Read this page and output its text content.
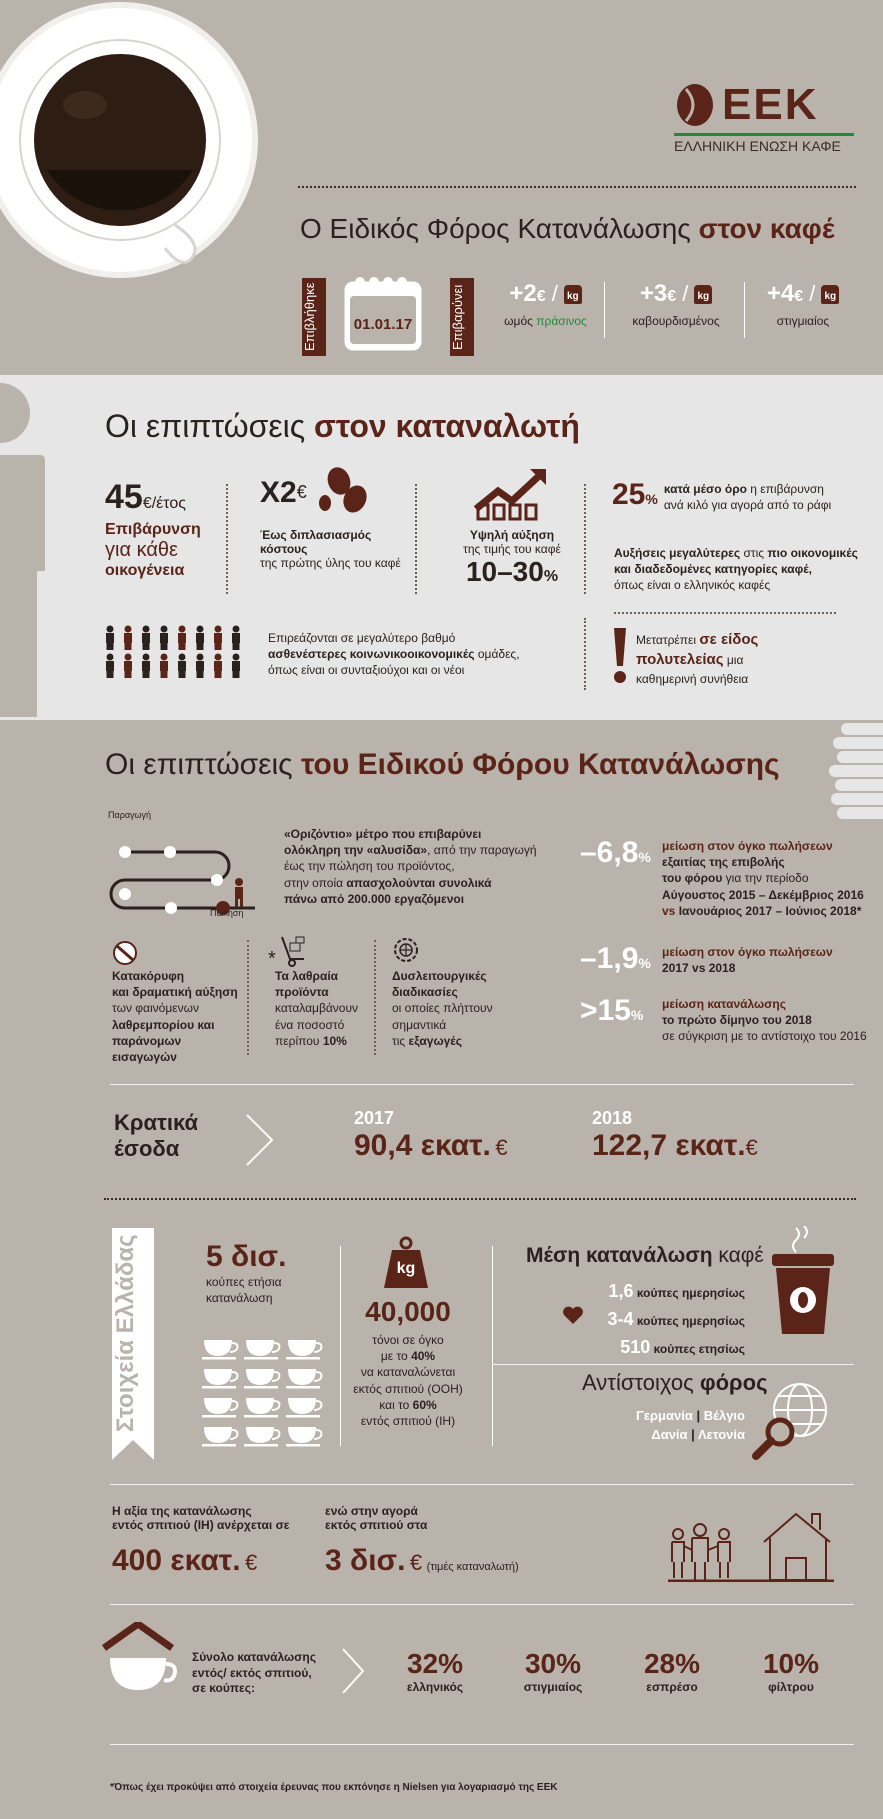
ΕΕΚ
ΕΛΛΗΝΙΚΗ ΕΝΩΣΗ ΚΑΦΕ
Ο Ειδικός Φόρος Κατανάλωσης στον καφέ
Επιβλήθηκε	01.01.17	Επιβαρύνει	+2€ / kg
ωμός πράσινος
+3€ / kg
καβουρδισμένος
+4€ / kg
στιγμιαίος
Οι επιπτώσεις στον καταναλωτή
45€/έτος
Επιβάρυνση
για κάθε
οικογένεια
X2 €
Έως διπλασιασμός κόστους
της πρώτης ύλης του καφέ
Υψηλή αύξηση
της τιμής του καφέ
10–30%
25%
κατά μέσο όρο η επιβάρυνση
ανά κιλό για αγορά από το ράφι
Αυξήσεις μεγαλύτερες στις πιο οικονομικές
και διαδεδομένες κατηγορίες καφέ,
όπως είναι ο ελληνικός καφές
Επιρεάζονται σε μεγαλύτερο βαθμό
ασθενέστερες κοινωνικοοικονομικές ομάδες,
όπως είναι οι συνταξιούχοι και οι νέοι
Μετατρέπει σε είδος
πολυτελείας μια
καθημερινή συνήθεια
Οι επιπτώσεις του Ειδικού Φόρου Κατανάλωσης
Παραγωγή
Πώληση
«Οριζόντιο» μέτρο που επιβαρύνει
ολόκληρη την «αλυσίδα», από την παραγωγή
έως την πώληση του προϊόντος,
στην οποία απασχολούνται συνολικά
πάνω από 200.000 εργαζόμενοι
Κατακόρυφη
και δραματική αύξηση
των φαινόμενων
λαθρεμπορίου και
παράνομων εισαγωγών
*
Τα λαθραία
προϊόντα
καταλαμβάνουν
ένα ποσοστό
περίπου 10%
Δυσλειτουργικές
διαδικασίες
οι οποίες πλήττουν
σημαντικά
τις εξαγωγές
–6,8%
μείωση στον όγκο πωλήσεων
εξαιτίας της επιβολής
του φόρου για την περίοδο
Αύγουστος 2015 – Δεκέμβριος 2016
vs Ιανουάριος 2017 – Ιούνιος 2018*
–1,9%
μείωση στον όγκο πωλήσεων
2017 vs 2018
>15%
μείωση κατανάλωσης
το πρώτο δίμηνο του 2018
σε σύγκριση με το αντίστοιχο του 2016
Κρατικά
έσοδα
2017
90,4 εκατ. €
2018
122,7 εκατ.€
Στοιχεία Ελλάδας	5 δισ.
κούπες ετήσια
κατανάλωση
kg
40,000
τόνοι σε όγκο
με το 40%
να καταναλώνεται
εκτός σπιτιού (OOH)
και το 60%
εντός σπιτιού (IH)
Μέση κατανάλωση καφέ
1,6 κούπες ημερησίως
3-4 κούπες ημερησίως
510 κούπες ετησίως
Αντίστοιχος φόρος
Γερμανία | Βέλγιο
Δανία | Λετονία
Η αξία της κατανάλωσης
εντός σπιτιού (IH) ανέρχεται σε
400 εκατ. €
ενώ στην αγορά
εκτός σπιτιού στα
3 δισ. € (τιμές καταναλωτή)
Σύνολο κατανάλωσης
εντός/ εκτός σπιτιού,
σε κούπες:
32%
ελληνικός
30%
στιγμιαίος
28%
εσπρέσο
10%
φίλτρου
*Όπως έχει προκύψει από στοιχεία έρευνας που εκπόνησε η Nielsen για λογαριασμό της ΕΕΚ
